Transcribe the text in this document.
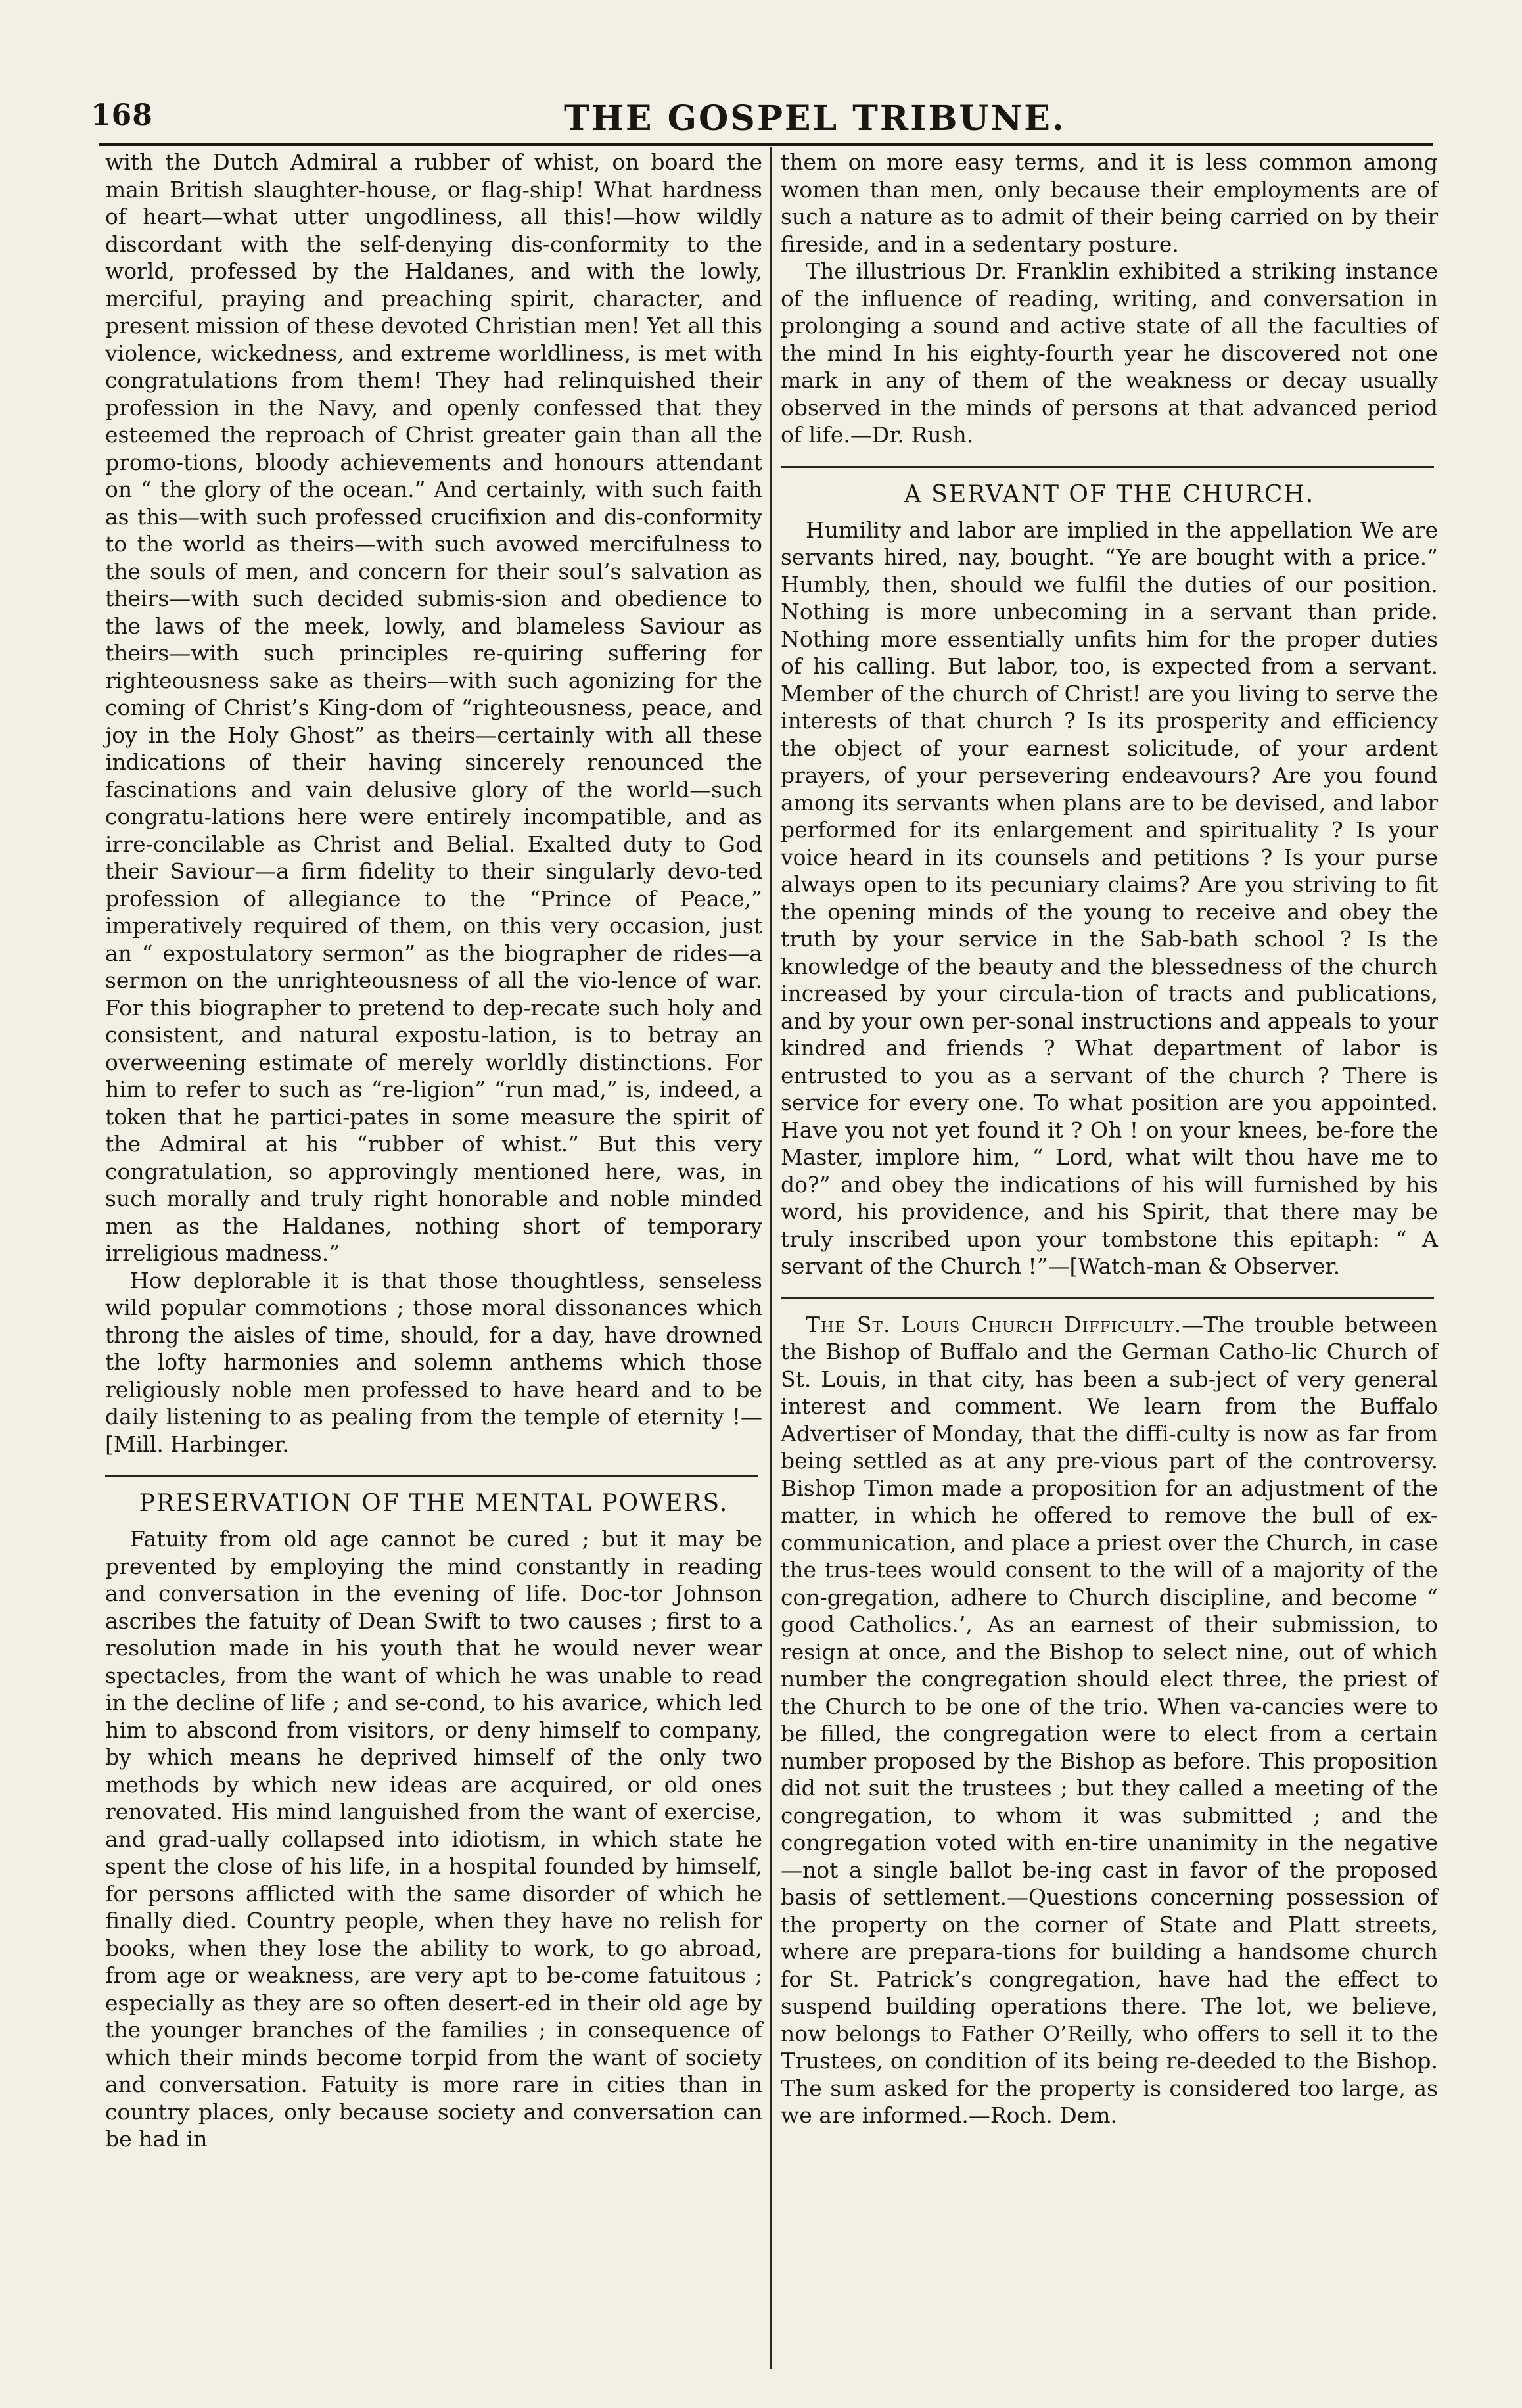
168	THE GOSPEL TRIBUNE.

with the Dutch Admiral a rubber of whist, on board the main British slaughter-house, or flag-ship! What hardness of heart—what utter ungodliness, all this!—how wildly discordant with the self-denying dis-conformity to the world, professed by the Haldanes, and with the lowly, merciful, praying and preaching spirit, character, and present mission of these devoted Christian men! Yet all this violence, wickedness, and extreme worldliness, is met with congratulations from them! They had relinquished their profession in the Navy, and openly confessed that they esteemed the reproach of Christ greater gain than all the promo-tions, bloody achievements and honours attendant on “ the glory of the ocean.” And certainly, with such faith as this—with such professed crucifixion and dis-conformity to the world as theirs—with such avowed mercifulness to the souls of men, and concern for their soul’s salvation as theirs—with such decided submis-sion and obedience to the laws of the meek, lowly, and blameless Saviour as theirs—with such principles re-quiring suffering for righteousness sake as theirs—with such agonizing for the coming of Christ’s King-dom of “righteousness, peace, and joy in the Holy Ghost” as theirs—certainly with all these indications of their having sincerely renounced the fascinations and vain delusive glory of the world—such congratu-lations here were entirely incompatible, and as irre-concilable as Christ and Belial. Exalted duty to God their Saviour—a firm fidelity to their singularly devo-ted profession of allegiance to the “Prince of Peace,” imperatively required of them, on this very occasion, just an “ expostulatory sermon” as the biographer de rides—a sermon on the unrighteousness of all the vio-lence of war. For this biographer to pretend to dep-recate such holy and consistent, and natural expostu-lation, is to betray an overweening estimate of merely worldly distinctions. For him to refer to such as “re-ligion” “run mad,” is, indeed, a token that he partici-pates in some measure the spirit of the Admiral at his “rubber of whist.” But this very congratulation, so approvingly mentioned here, was, in such morally and truly right honorable and noble minded men as the Haldanes, nothing short of temporary irreligious madness.”

How deplorable it is that those thoughtless, senseless wild popular commotions ; those moral dissonances which throng the aisles of time, should, for a day, have drowned the lofty harmonies and solemn anthems which those religiously noble men professed to have heard and to be daily listening to as pealing from the temple of eternity !—[Mill. Harbinger.

PRESERVATION OF THE MENTAL POWERS.

Fatuity from old age cannot be cured ; but it may be prevented by employing the mind constantly in reading and conversation in the evening of life. Doc-tor Johnson ascribes the fatuity of Dean Swift to two causes ; first to a resolution made in his youth that he would never wear spectacles, from the want of which he was unable to read in the decline of life ; and se-cond, to his avarice, which led him to abscond from visitors, or deny himself to company, by which means he deprived himself of the only two methods by which new ideas are acquired, or old ones renovated. His mind languished from the want of exercise, and grad-ually collapsed into idiotism, in which state he spent the close of his life, in a hospital founded by himself, for persons afflicted with the same disorder of which he finally died. Country people, when they have no relish for books, when they lose the ability to work, to go abroad, from age or weakness, are very apt to be-come fatuitous ; especially as they are so often desert-ed in their old age by the younger branches of the families ; in consequence of which their minds become torpid from the want of society and conversation. Fatuity is more rare in cities than in country places, only because society and conversation can be had in

them on more easy terms, and it is less common among women than men, only because their employments are of such a nature as to admit of their being carried on by their fireside, and in a sedentary posture.

The illustrious Dr. Franklin exhibited a striking instance of the influence of reading, writing, and conversation in prolonging a sound and active state of all the faculties of the mind In his eighty-fourth year he discovered not one mark in any of them of the weakness or decay usually observed in the minds of persons at that advanced period of life.—Dr. Rush.

A SERVANT OF THE CHURCH.

Humility and labor are implied in the appellation We are servants hired, nay, bought. “Ye are bought with a price.” Humbly, then, should we fulfil the duties of our position. Nothing is more unbecoming in a servant than pride. Nothing more essentially unfits him for the proper duties of his calling. But labor, too, is expected from a servant. Member of the church of Christ! are you living to serve the interests of that church ? Is its prosperity and efficiency the object of your earnest solicitude, of your ardent prayers, of your persevering endeavours? Are you found among its servants when plans are to be devised, and labor performed for its enlargement and spirituality ? Is your voice heard in its counsels and petitions ? Is your purse always open to its pecuniary claims? Are you striving to fit the opening minds of the young to receive and obey the truth by your service in the Sab-bath school ? Is the knowledge of the beauty and the blessedness of the church increased by your circula-tion of tracts and publications, and by your own per-sonal instructions and appeals to your kindred and friends ? What department of labor is entrusted to you as a servant of the church ? There is service for every one. To what position are you appointed. Have you not yet found it ? Oh ! on your knees, be-fore the Master, implore him, “ Lord, what wilt thou have me to do?” and obey the indications of his will furnished by his word, his providence, and his Spirit, that there may be truly inscribed upon your tombstone this epitaph: “ A servant of the Church !”—[Watch-man & Observer.

The St. Louis Church Difficulty.—The trouble between the Bishop of Buffalo and the German Catho-lic Church of St. Louis, in that city, has been a sub-ject of very general interest and comment. We learn from the Buffalo Advertiser of Monday, that the diffi-culty is now as far from being settled as at any pre-vious part of the controversy. Bishop Timon made a proposition for an adjustment of the matter, in which he offered to remove the bull of ex-communication, and place a priest over the Church, in case the trus-tees would consent to the will of a majority of the con-gregation, adhere to Church discipline, and become “ good Catholics.’, As an earnest of their submission, to resign at once, and the Bishop to select nine, out of which number the congregation should elect three, the priest of the Church to be one of the trio. When va-cancies were to be filled, the congregation were to elect from a certain number proposed by the Bishop as before. This proposition did not suit the trustees ; but they called a meeting of the congregation, to whom it was submitted ; and the congregation voted with en-tire unanimity in the negative—not a single ballot be-ing cast in favor of the proposed basis of settlement.—Questions concerning possession of the property on the corner of State and Platt streets, where are prepara-tions for building a handsome church for St. Patrick’s congregation, have had the effect to suspend building operations there. The lot, we believe, now belongs to Father O’Reilly, who offers to sell it to the Trustees, on condition of its being re-deeded to the Bishop. The sum asked for the property is considered too large, as we are informed.—Roch. Dem.
